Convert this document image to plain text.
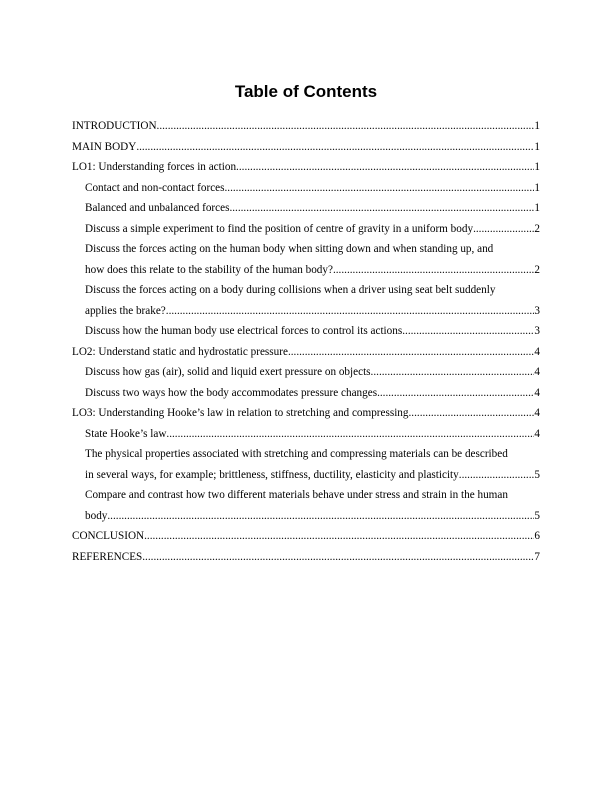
Table of Contents
INTRODUCTION .....	1
MAIN BODY .....	1
LO1: Understanding forces in action .....	1
Contact and non-contact forces .....	1
Balanced and unbalanced forces .....	1
Discuss a simple experiment to find the position of centre of gravity in a uniform body .....	2
Discuss the forces acting on the human body when sitting down and when standing up, and
how does this relate to the stability of the human body? .....	2
Discuss the forces acting on a body during collisions when a driver using seat belt suddenly
applies the brake? .....	3
Discuss how the human body use electrical forces to control its actions .....	3
LO2: Understand static and hydrostatic pressure .....	4
Discuss how gas (air), solid and liquid exert pressure on objects .....	4
Discuss two ways how the body accommodates pressure changes .....	4
LO3: Understanding Hooke’s law in relation to stretching and compressing .....	4
State Hooke’s law .....	4
The physical properties associated with stretching and compressing materials can be described
in several ways, for example; brittleness, stiffness, ductility, elasticity and plasticity .....	5
Compare and contrast how two different materials behave under stress and strain in the human
body .....	5
CONCLUSION .....	6
REFERENCES .....	7
